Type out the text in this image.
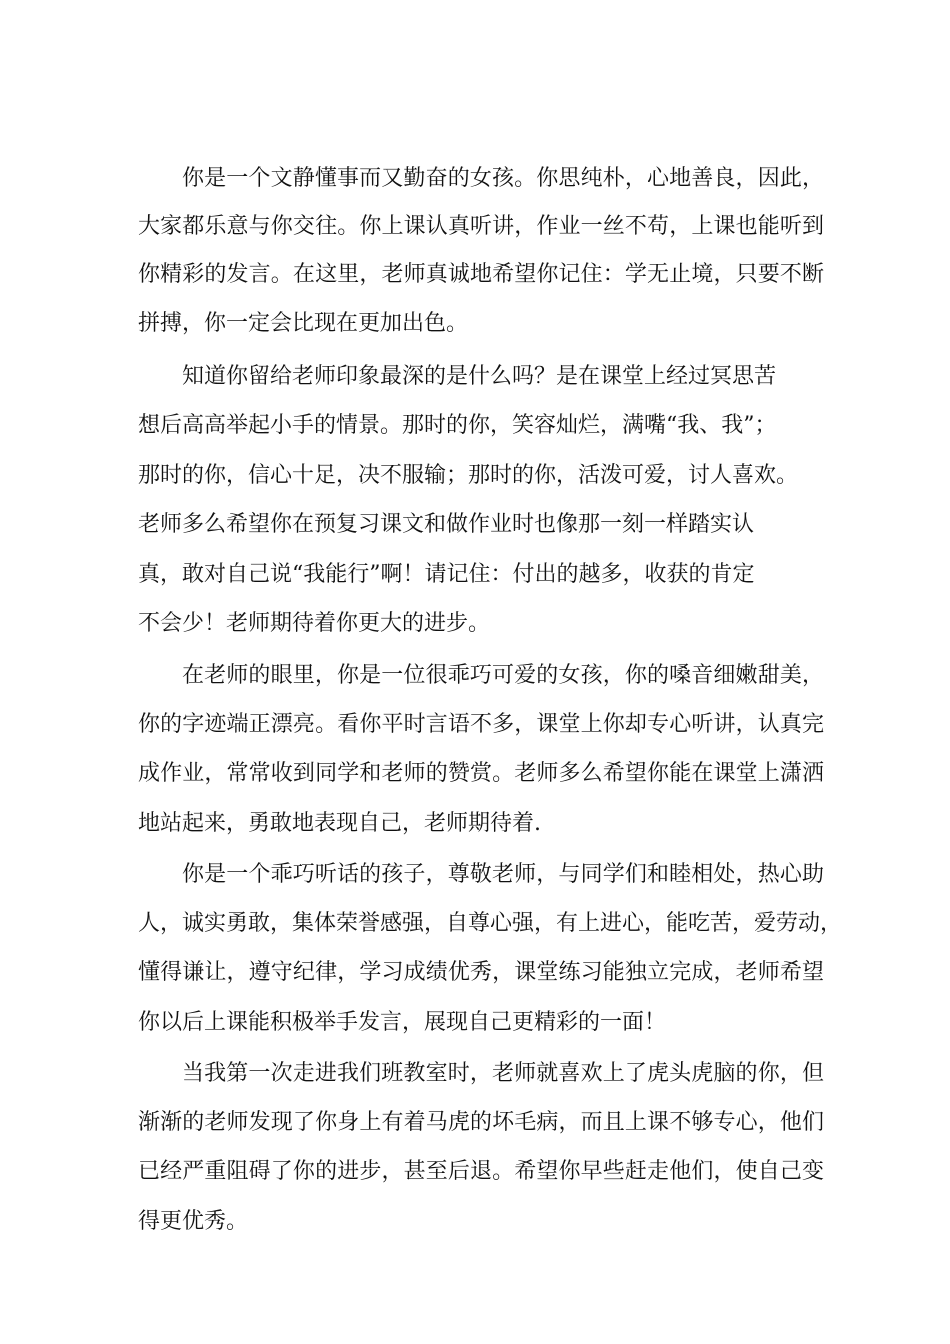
你是一个文静懂事而又勤奋的女孩。你思纯朴，心地善良，因此，
大家都乐意与你交往。你上课认真听讲，作业一丝不苟，上课也能听到
你精彩的发言。在这里，老师真诚地希望你记住：学无止境，只要不断
拼搏，你一定会比现在更加出色。
知道你留给老师印象最深的是什么吗？是在课堂上经过冥思苦
想后高高举起小手的情景。那时的你，笑容灿烂，满嘴“我、我”；
那时的你，信心十足，决不服输；那时的你，活泼可爱，讨人喜欢。
老师多么希望你在预复习课文和做作业时也像那一刻一样踏实认
真，敢对自己说“我能行”啊！请记住：付出的越多，收获的肯定
不会少！老师期待着你更大的进步。
在老师的眼里，你是一位很乖巧可爱的女孩，你的嗓音细嫩甜美，
你的字迹端正漂亮。看你平时言语不多，课堂上你却专心听讲，认真完
成作业，常常收到同学和老师的赞赏。老师多么希望你能在课堂上潇洒
地站起来，勇敢地表现自己，老师期待着.
你是一个乖巧听话的孩子，尊敬老师，与同学们和睦相处，热心助
人，诚实勇敢，集体荣誉感强，自尊心强，有上进心，能吃苦，爱劳动，
懂得谦让，遵守纪律，学习成绩优秀，课堂练习能独立完成，老师希望
你以后上课能积极举手发言，展现自己更精彩的一面！
当我第一次走进我们班教室时，老师就喜欢上了虎头虎脑的你，但
渐渐的老师发现了你身上有着马虎的坏毛病，而且上课不够专心，他们
已经严重阻碍了你的进步，甚至后退。希望你早些赶走他们，使自己变
得更优秀。
